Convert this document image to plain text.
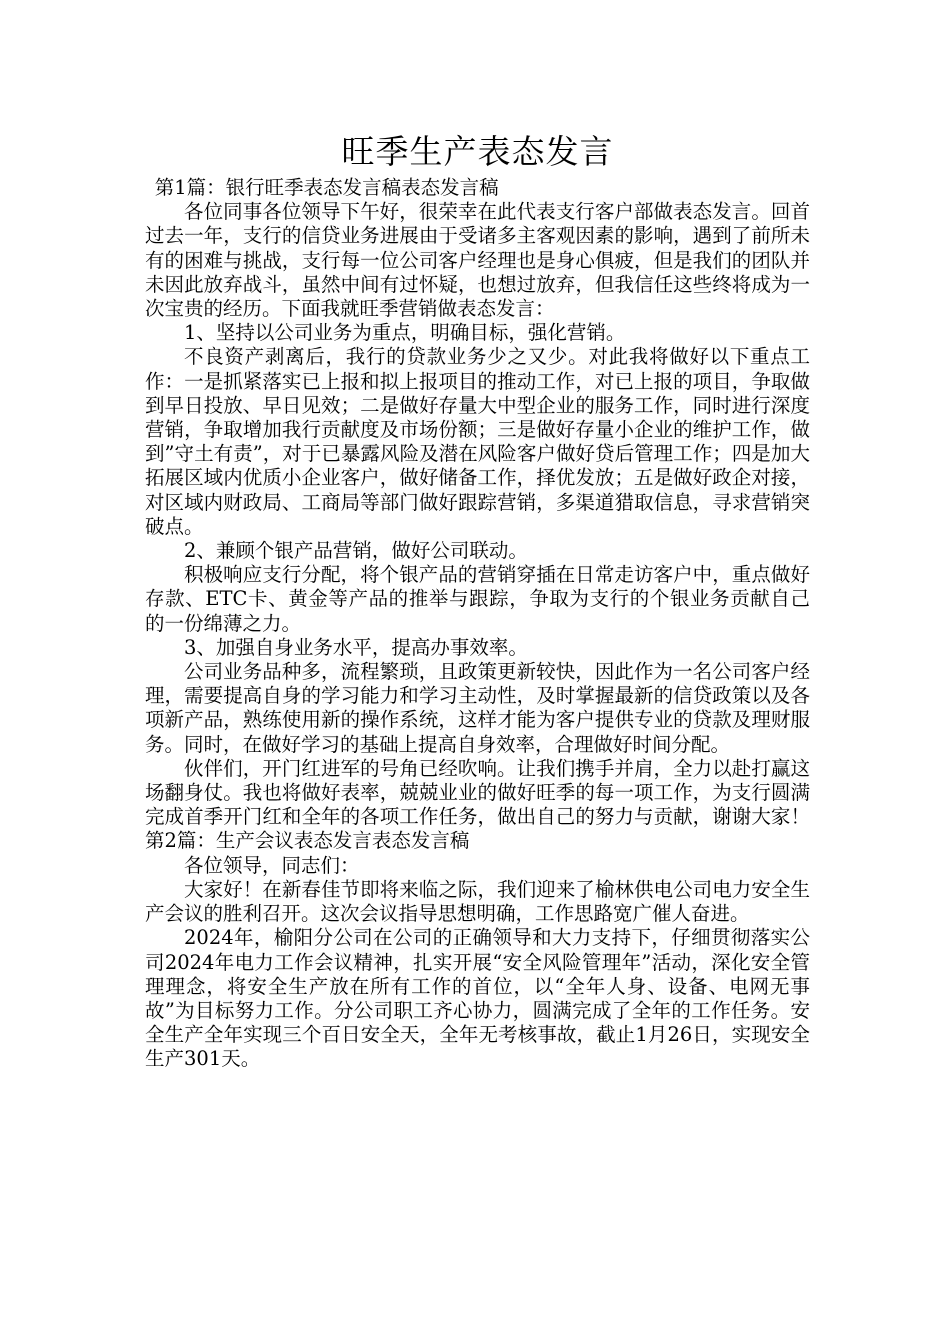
旺季生产表态发言

第1篇：银行旺季表态发言稿表态发言稿

各位同事各位领导下午好，很荣幸在此代表支行客户部做表态发言。回首过去一年，支行的信贷业务进展由于受诸多主客观因素的影响，遇到了前所未有的困难与挑战，支行每一位公司客户经理也是身心俱疲，但是我们的团队并未因此放弃战斗，虽然中间有过怀疑，也想过放弃，但我信任这些终将成为一次宝贵的经历。下面我就旺季营销做表态发言：

1、坚持以公司业务为重点，明确目标，强化营销。

不良资产剥离后，我行的贷款业务少之又少。对此我将做好以下重点工作：一是抓紧落实已上报和拟上报项目的推动工作，对已上报的项目，争取做到早日投放、早日见效；二是做好存量大中型企业的服务工作，同时进行深度营销，争取增加我行贡献度及市场份额；三是做好存量小企业的维护工作，做到”守土有责”，对于已暴露风险及潜在风险客户做好贷后管理工作；四是加大拓展区域内优质小企业客户，做好储备工作，择优发放；五是做好政企对接，对区域内财政局、工商局等部门做好跟踪营销，多渠道猎取信息，寻求营销突破点。

2、兼顾个银产品营销，做好公司联动。

积极响应支行分配，将个银产品的营销穿插在日常走访客户中，重点做好存款、ETC卡、黄金等产品的推举与跟踪，争取为支行的个银业务贡献自己的一份绵薄之力。

3、加强自身业务水平，提高办事效率。

公司业务品种多，流程繁琐，且政策更新较快，因此作为一名公司客户经理，需要提高自身的学习能力和学习主动性，及时掌握最新的信贷政策以及各项新产品，熟练使用新的操作系统，这样才能为客户提供专业的贷款及理财服务。同时，在做好学习的基础上提高自身效率，合理做好时间分配。

伙伴们，开门红进军的号角已经吹响。让我们携手并肩，全力以赴打赢这场翻身仗。我也将做好表率，兢兢业业的做好旺季的每一项工作，为支行圆满完成首季开门红和全年的各项工作任务，做出自己的努力与贡献，谢谢大家！第2篇：生产会议表态发言表态发言稿

各位领导，同志们：

大家好！在新春佳节即将来临之际，我们迎来了榆林供电公司电力安全生产会议的胜利召开。这次会议指导思想明确，工作思路宽广催人奋进。

2024年，榆阳分公司在公司的正确领导和大力支持下，仔细贯彻落实公司2024年电力工作会议精神，扎实开展“安全风险管理年”活动，深化安全管理理念，将安全生产放在所有工作的首位，以“全年人身、设备、电网无事故”为目标努力工作。分公司职工齐心协力，圆满完成了全年的工作任务。安全生产全年实现三个百日安全天，全年无考核事故，截止1月26日，实现安全生产301天。
